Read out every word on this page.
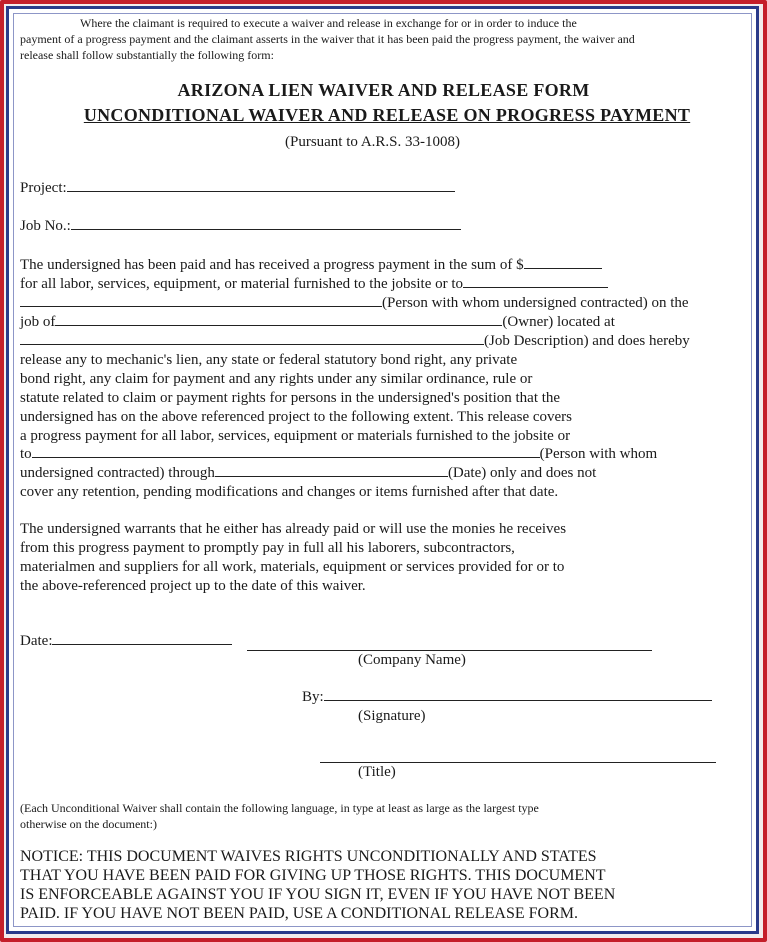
Where the claimant is required to execute a waiver and release in exchange for or in order to induce the
payment of a progress payment and the claimant asserts in the waiver that it has been paid the progress payment, the waiver and
release shall follow substantially the following form:
ARIZONA LIEN WAIVER AND RELEASE FORM
UNCONDITIONAL WAIVER AND RELEASE ON PROGRESS PAYMENT
(Pursuant to A.R.S. 33-1008)
Project:
Job No.:
The undersigned has been paid and has received a progress payment in the sum of $
for all labor, services, equipment, or material furnished to the jobsite or to
(Person with whom undersigned contracted) on the
job of	(Owner) located at
(Job Description) and does hereby
release any to mechanic's lien, any state or federal statutory bond right, any private
bond right, any claim for payment and any rights under any similar ordinance, rule or
statute related to claim or payment rights for persons in the undersigned's position that the
undersigned has on the above referenced project to the following extent. This release covers
a progress payment for all labor, services, equipment or materials furnished to the jobsite or
to	(Person with whom
undersigned contracted) through	(Date) only and does not
cover any retention, pending modifications and changes or items furnished after that date.
The undersigned warrants that he either has already paid or will use the monies he receives
from this progress payment to promptly pay in full all his laborers, subcontractors,
materialmen and suppliers for all work, materials, equipment or services provided for or to
the above-referenced project up to the date of this waiver.
Date:
(Company Name)
By:
(Signature)
(Title)
(Each Unconditional Waiver shall contain the following language, in type at least as large as the largest type
otherwise on the document:)
NOTICE: THIS DOCUMENT WAIVES RIGHTS UNCONDITIONALLY AND STATES
THAT YOU HAVE BEEN PAID FOR GIVING UP THOSE RIGHTS. THIS DOCUMENT
IS ENFORCEABLE AGAINST YOU IF YOU SIGN IT, EVEN IF YOU HAVE NOT BEEN
PAID. IF YOU HAVE NOT BEEN PAID, USE A CONDITIONAL RELEASE FORM.
